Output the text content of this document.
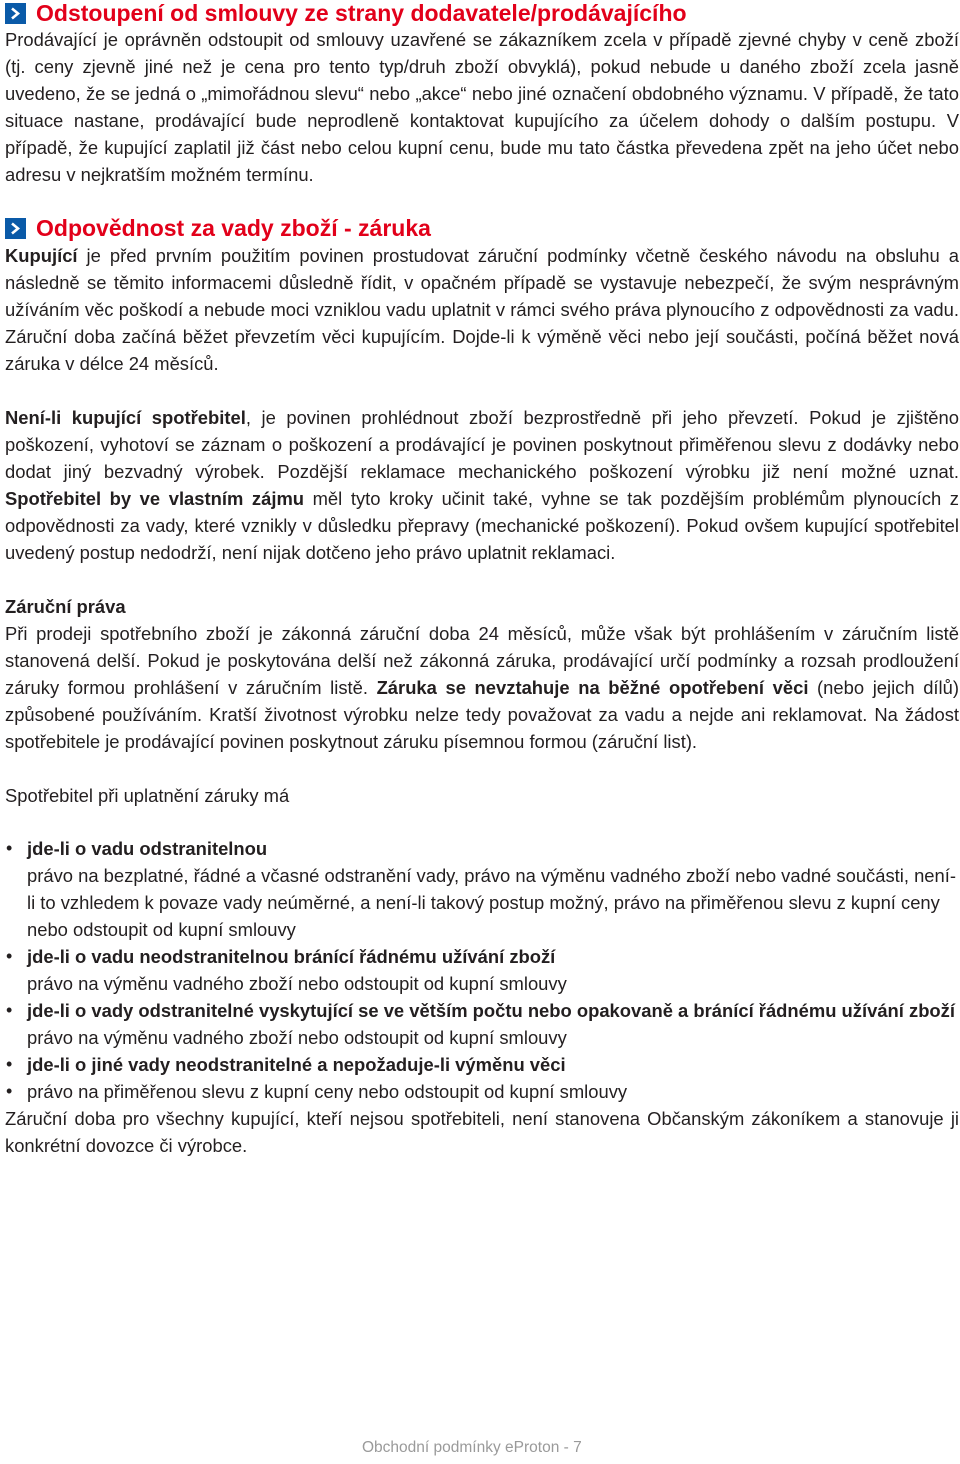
Odstoupení od smlouvy ze strany dodavatele/prodávajícího

Prodávající je oprávněn odstoupit od smlouvy uzavřené se zákazníkem zcela v případě zjevné chyby v ceně zboží (tj. ceny zjevně jiné než je cena pro tento typ/druh zboží obvyklá), pokud nebude u daného zboží zcela jasně uvedeno, že se jedná o „mimořádnou slevu“ nebo „akce“ nebo jiné označení obdobného významu. V případě, že tato situace nastane, prodávající bude neprodleně kontaktovat kupujícího za účelem dohody o dalším postupu. V případě, že kupující zaplatil již část nebo celou kupní cenu, bude mu tato částka převedena zpět na jeho účet nebo adresu v nejkratším možném termínu.

Odpovědnost za vady zboží - záruka

Kupující je před prvním použitím povinen prostudovat záruční podmínky včetně českého návodu na obsluhu a následně se těmito informacemi důsledně řídit, v opačném případě se vystavuje nebezpečí, že svým nesprávným užíváním věc poškodí a nebude moci vzniklou vadu uplatnit v rámci svého práva plynoucího z odpovědnosti za vadu. Záruční doba začíná běžet převzetím věci kupujícím. Dojde-li k výměně věci nebo její součásti, počíná běžet nová záruka v délce 24 měsíců.

Není-li kupující spotřebitel, je povinen prohlédnout zboží bezprostředně při jeho převzetí. Pokud je zjištěno poškození, vyhotoví se záznam o poškození a prodávající je povinen poskytnout přiměřenou slevu z dodávky nebo dodat jiný bezvadný výrobek. Pozdější reklamace mechanického poškození výrobku již není možné uznat. Spotřebitel by ve vlastním zájmu měl tyto kroky učinit také, vyhne se tak pozdějším problémům plynoucích z odpovědnosti za vady, které vznikly v důsledku přepravy (mechanické poškození). Pokud ovšem kupující spotřebitel uvedený postup nedodrží, není nijak dotčeno jeho právo uplatnit reklamaci.

Záruční práva

Při prodeji spotřebního zboží je zákonná záruční doba 24 měsíců, může však být prohlášením v záručním listě stanovená delší. Pokud je poskytována delší než zákonná záruka, prodávající určí podmínky a rozsah prodloužení záruky formou prohlášení v záručním listě. Záruka se nevztahuje na běžné opotřebení věci (nebo jejich dílů) způsobené používáním. Kratší životnost výrobku nelze tedy považovat za vadu a nejde ani reklamovat. Na žádost spotřebitele je prodávající povinen poskytnout záruku písemnou formou (záruční list).

Spotřebitel při uplatnění záruky má

• jde-li o vadu odstranitelnou
právo na bezplatné, řádné a včasné odstranění vady, právo na výměnu vadného zboží nebo vadné součásti, není-li to vzhledem k povaze vady neúměrné, a není-li takový postup možný, právo na přiměřenou slevu z kupní ceny nebo odstoupit od kupní smlouvy
• jde-li o vadu neodstranitelnou bránící řádnému užívání zboží
právo na výměnu vadného zboží nebo odstoupit od kupní smlouvy
• jde-li o vady odstranitelné vyskytující se ve větším počtu nebo opakovaně a bránící řádnému užívání zboží
právo na výměnu vadného zboží nebo odstoupit od kupní smlouvy
• jde-li o jiné vady neodstranitelné a nepožaduje-li výměnu věci
• právo na přiměřenou slevu z kupní ceny nebo odstoupit od kupní smlouvy

Záruční doba pro všechny kupující, kteří nejsou spotřebiteli, není stanovena Občanským zákoníkem a stanovuje ji konkrétní dovozce či výrobce.

Obchodní podmínky eProton - 7
